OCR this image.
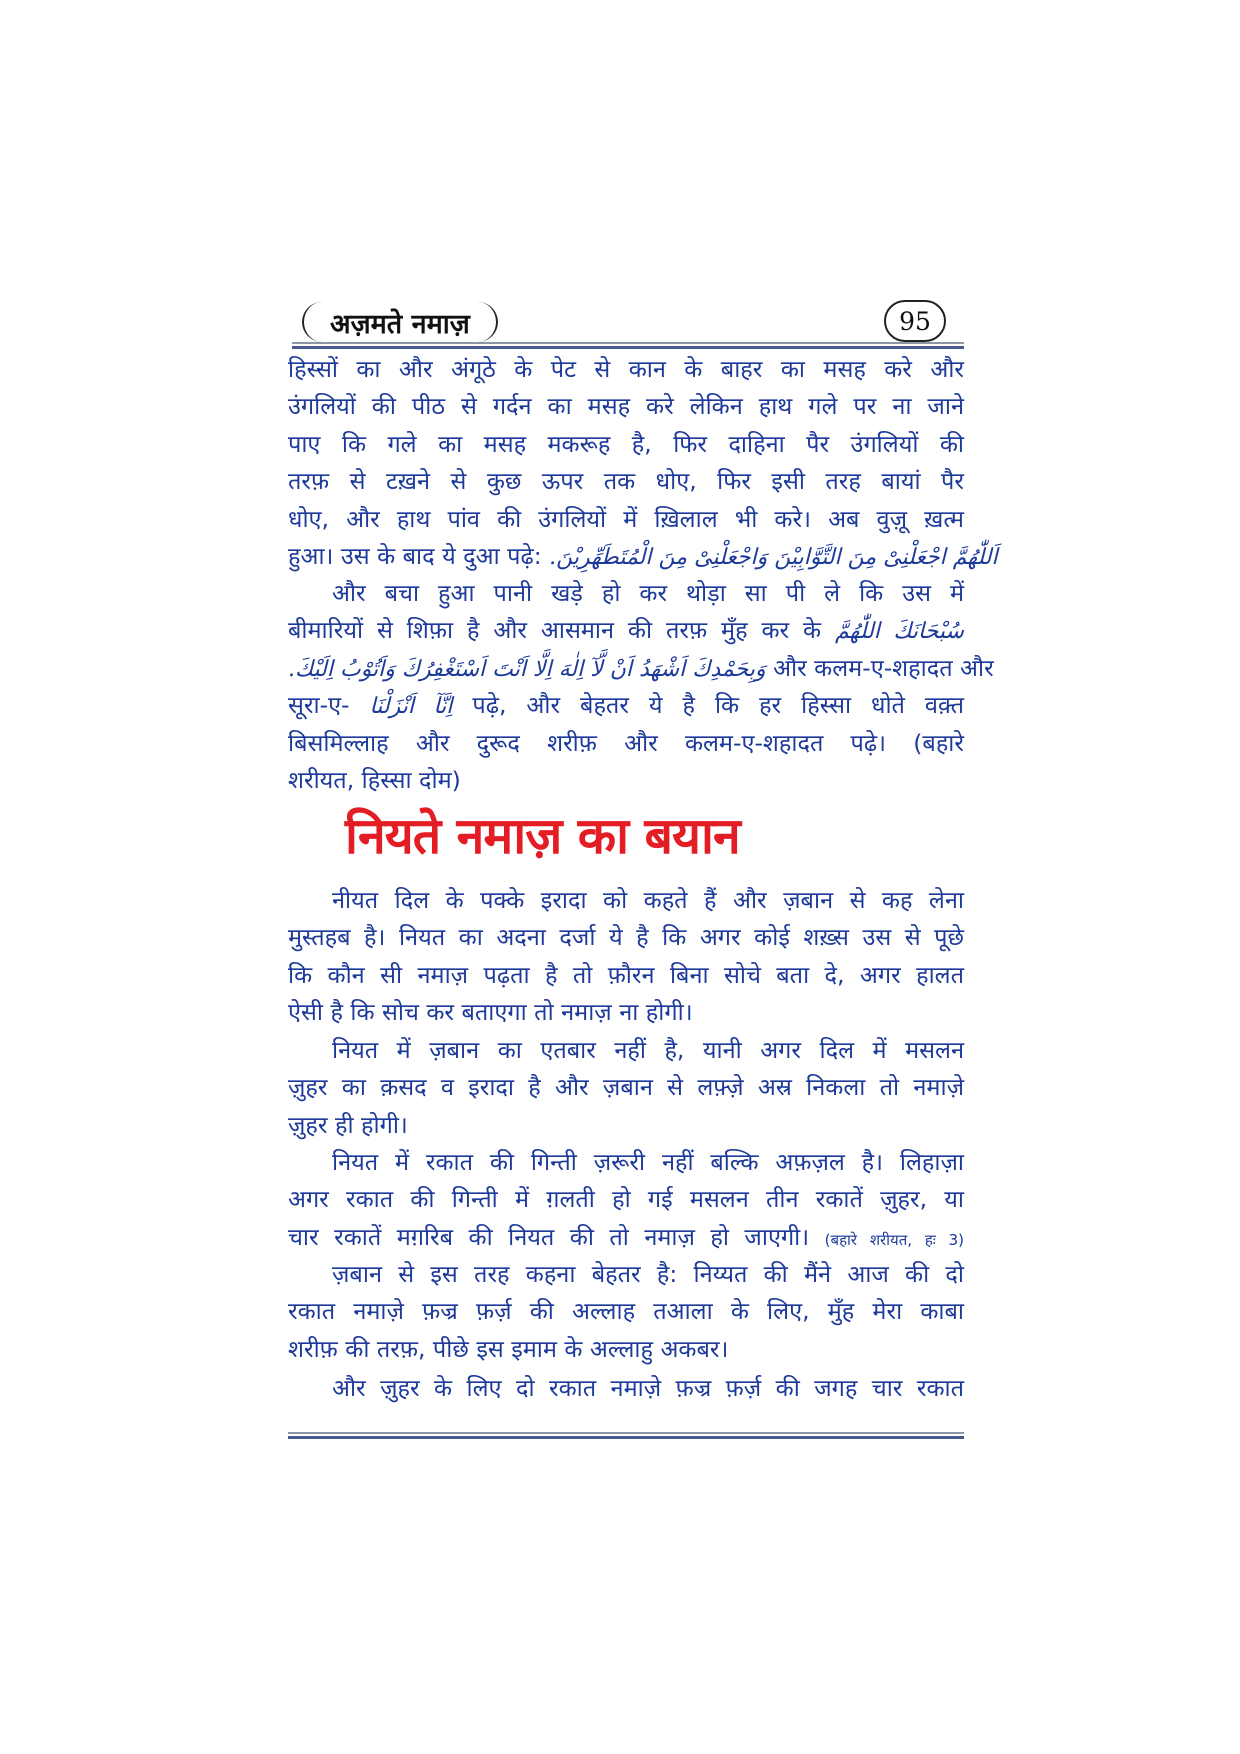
अज़मते नमाज़	95
हिस्सों का और अंगूठे के पेट से कान के बाहर का मसह करे और
उंगलियों की पीठ से गर्दन का मसह करे लेकिन हाथ गले पर ना जाने
पाए कि गले का मसह मकरूह है, फिर दाहिना पैर उंगलियों की
तरफ़ से टख़ने से कुछ ऊपर तक धोए, फिर इसी तरह बायां पैर
धोए, और हाथ पांव की उंगलियों में ख़िलाल भी करे। अब वुज़ू ख़त्म
हुआ। उस के बाद ये दुआ पढ़े: اَللّٰھُمَّ اجْعَلْنِیْ مِنَ التَّوَّابِیْنَ وَاجْعَلْنِیْ مِنَ الْمُتَطَھِّرِیْنَ.
और बचा हुआ पानी खड़े हो कर थोड़ा सा पी ले कि उस में
बीमारियों से शिफ़ा है और आसमान की तरफ़ मुँह कर के سُبْحَانَكَ اللّٰھُمَّ
وَبِحَمْدِكَ اَشْھَدُ اَنْ لَّآ اِلٰهَ اِلَّا اَنْتَ اَسْتَغْفِرُكَ وَاَتُوْبُ اِلَيْكَ. और कलम-ए-शहादत और
सूरा-ए- اِنَّآ اَنْزَلْنَا पढ़े, और बेहतर ये है कि हर हिस्सा धोते वक़्त
बिसमिल्लाह और दुरूद शरीफ़ और कलम-ए-शहादत पढ़े। (बहारे
शरीयत, हिस्सा दोम)
नियते नमाज़ का बयान
नीयत दिल के पक्के इरादा को कहते हैं और ज़बान से कह लेना
मुस्तहब है। नियत का अदना दर्जा ये है कि अगर कोई शख़्स उस से पूछे
कि कौन सी नमाज़ पढ़ता है तो फ़ौरन बिना सोचे बता दे, अगर हालत
ऐसी है कि सोच कर बताएगा तो नमाज़ ना होगी।
नियत में ज़बान का एतबार नहीं है, यानी अगर दिल में मसलन
ज़ुहर का क़सद व इरादा है और ज़बान से लफ़्ज़े अस्र निकला तो नमाज़े
ज़ुहर ही होगी।
नियत में रकात की गिन्ती ज़रूरी नहीं बल्कि अफ़ज़ल है। लिहाज़ा
अगर रकात की गिन्ती में ग़लती हो गई मसलन तीन रकातें ज़ुहर, या
चार रकातें मग़रिब की नियत की तो नमाज़ हो जाएगी। (बहारे शरीयत, हः 3)
ज़बान से इस तरह कहना बेहतर है: निय्यत की मैंने आज की दो
रकात नमाज़े फ़ज्र फ़र्ज़ की अल्लाह तआला के लिए, मुँह मेरा काबा
शरीफ़ की तरफ़, पीछे इस इमाम के अल्लाहु अकबर।
और ज़ुहर के लिए दो रकात नमाज़े फ़ज्र फ़र्ज़ की जगह चार रकात
